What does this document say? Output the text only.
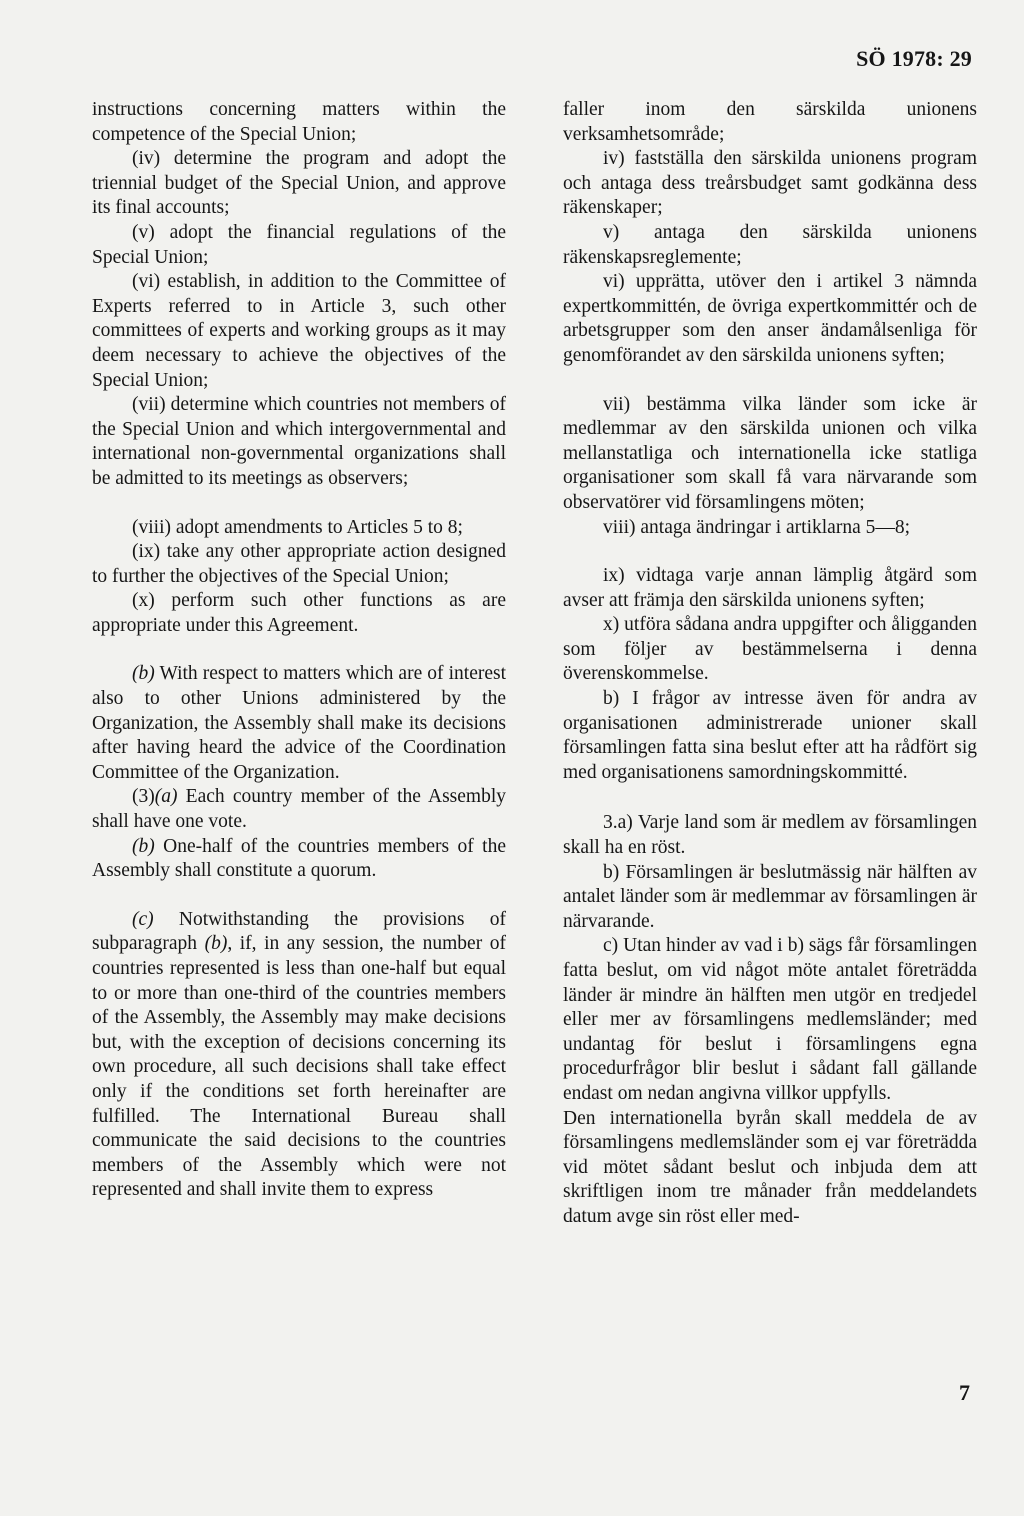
SÖ 1978: 29

instructions concerning matters within the competence of the Special Union;

(iv) determine the program and adopt the triennial budget of the Special Union, and approve its final accounts;

(v) adopt the financial regulations of the Special Union;

(vi) establish, in addition to the Committee of Experts referred to in Article 3, such other committees of experts and working groups as it may deem necessary to achieve the objectives of the Special Union;

(vii) determine which countries not members of the Special Union and which intergovernmental and international non-governmental organizations shall be admitted to its meetings as observers;

(viii) adopt amendments to Articles 5 to 8;

(ix) take any other appropriate action designed to further the objectives of the Special Union;

(x) perform such other functions as are appropriate under this Agreement.

(b) With respect to matters which are of interest also to other Unions administered by the Organization, the Assembly shall make its decisions after having heard the advice of the Coordination Committee of the Organization.

(3)(a) Each country member of the Assembly shall have one vote.

(b) One-half of the countries members of the Assembly shall constitute a quorum.

(c) Notwithstanding the provisions of subparagraph (b), if, in any session, the number of countries represented is less than one-half but equal to or more than one-third of the countries members of the Assembly, the Assembly may make decisions but, with the exception of decisions concerning its own procedure, all such decisions shall take effect only if the conditions set forth hereinafter are fulfilled. The International Bureau shall communicate the said decisions to the countries members of the Assembly which were not represented and shall invite them to express

faller inom den särskilda unionens verksamhetsområde;

iv) fastställa den särskilda unionens program och antaga dess treårsbudget samt godkänna dess räkenskaper;

v) antaga den särskilda unionens räkenskapsreglemente;

vi) upprätta, utöver den i artikel 3 nämnda expertkommittén, de övriga expertkommittér och de arbetsgrupper som den anser ändamålsenliga för genomförandet av den särskilda unionens syften;

vii) bestämma vilka länder som icke är medlemmar av den särskilda unionen och vilka mellanstatliga och internationella icke statliga organisationer som skall få vara närvarande som observatörer vid församlingens möten;

viii) antaga ändringar i artiklarna 5—8;

ix) vidtaga varje annan lämplig åtgärd som avser att främja den särskilda unionens syften;

x) utföra sådana andra uppgifter och åligganden som följer av bestämmelserna i denna överenskommelse.

b) I frågor av intresse även för andra av organisationen administrerade unioner skall församlingen fatta sina beslut efter att ha rådfört sig med organisationens samordningskommitté.

3.a) Varje land som är medlem av församlingen skall ha en röst.

b) Församlingen är beslutmässig när hälften av antalet länder som är medlemmar av församlingen är närvarande.

c) Utan hinder av vad i b) sägs får församlingen fatta beslut, om vid något möte antalet företrädda länder är mindre än hälften men utgör en tredjedel eller mer av församlingens medlemsländer; med undantag för beslut i församlingens egna procedurfrågor blir beslut i sådant fall gällande endast om nedan angivna villkor uppfylls.

Den internationella byrån skall meddela de av församlingens medlemsländer som ej var företrädda vid mötet sådant beslut och inbjuda dem att skriftligen inom tre månader från meddelandets datum avge sin röst eller med-

7
